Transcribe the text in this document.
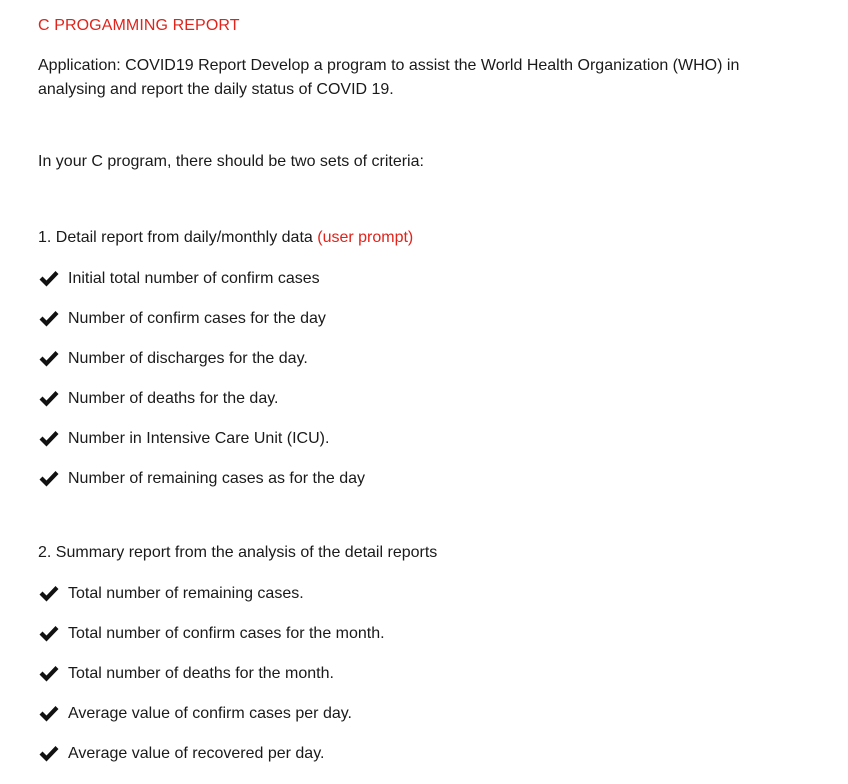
C PROGAMMING REPORT
Application: COVID19 Report Develop a program to assist the World Health Organization (WHO) in analysing and report the daily status of COVID 19.
In your C program, there should be two sets of criteria:
1. Detail report from daily/monthly data (user prompt)
Initial total number of confirm cases
Number of confirm cases for the day
Number of discharges for the day.
Number of deaths for the day.
Number in Intensive Care Unit (ICU).
Number of remaining cases as for the day
2. Summary report from the analysis of the detail reports
Total number of remaining cases.
Total number of confirm cases for the month.
Total number of deaths for the month.
Average value of confirm cases per day.
Average value of recovered per day.
